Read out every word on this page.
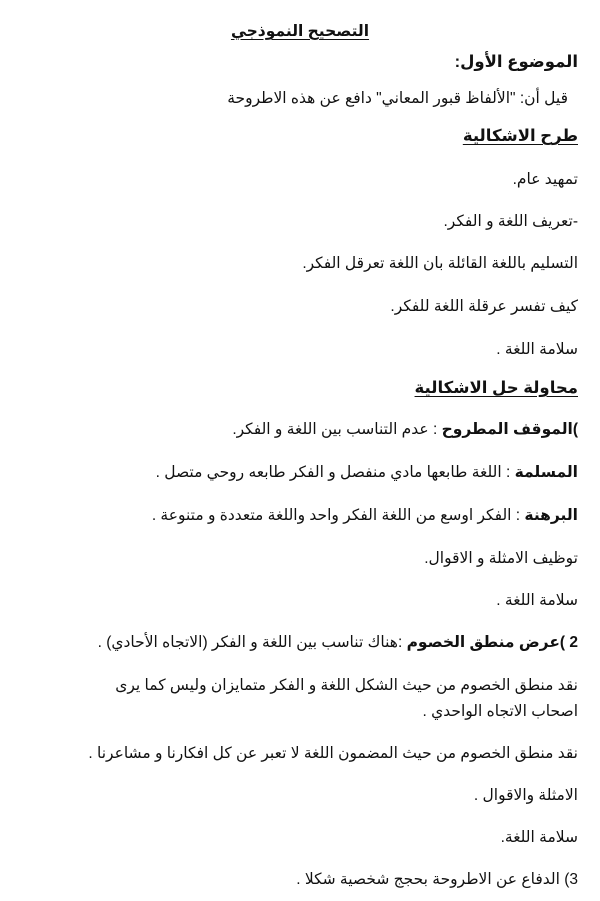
التصحيح النموذجي
الموضوع الأول:
قيل أن: "الألفاظ قبور المعاني" دافع عن هذه الاطروحة
طرح الاشكالية
تمهيد عام.
-تعريف اللغة و الفكر.
التسليم باللغة القائلة بان اللغة تعرقل الفكر.
كيف تفسر عرقلة اللغة للفكر.
سلامة اللغة .
محاولة حل الاشكالية
)الموقف المطروح : عدم التناسب بين اللغة و الفكر.
المسلمة : اللغة طابعها مادي منفصل و الفكر طابعه روحي متصل .
البرهنة : الفكر اوسع من اللغة الفكر واحد واللغة متعددة و متنوعة .
توظيف الامثلة و الاقوال.
سلامة اللغة .
2 )عرض منطق الخصوم :هناك تناسب بين اللغة و الفكر (الاتجاه الأحادي) .
نقد منطق الخصوم من حيث الشكل اللغة و الفكر متمايزان وليس كما يرى
اصحاب الاتجاه الواحدي .
نقد منطق الخصوم من حيث المضمون اللغة لا تعبر عن كل افكارنا و مشاعرنا .
الامثلة والاقوال .
سلامة اللغة.
3) الدفاع عن الاطروحة بحجج شخصية شكلا .
